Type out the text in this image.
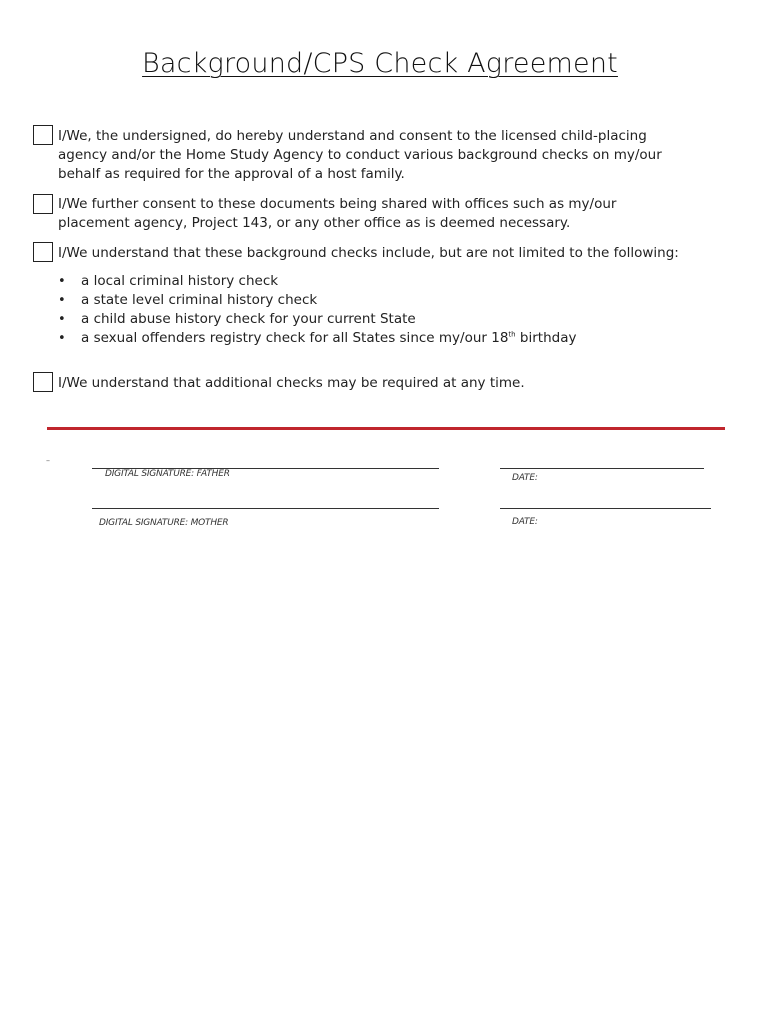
Background/CPS Check Agreement
I/We, the undersigned, do hereby understand and consent to the licensed child-placing agency and/or the Home Study Agency to conduct various background checks on my/our behalf as required for the approval of a host family.
I/We further consent to these documents being shared with offices such as my/our placement agency, Project 143, or any other office as is deemed necessary.
I/We understand that these background checks include, but are not limited to the following:
• a local criminal history check
• a state level criminal history check
• a child abuse history check for your current State
• a sexual offenders registry check for all States since my/our 18th birthday
I/We understand that additional checks may be required at any time.
–
DIGITAL SIGNATURE: FATHER	DATE:
DIGITAL SIGNATURE: MOTHER	DATE:
